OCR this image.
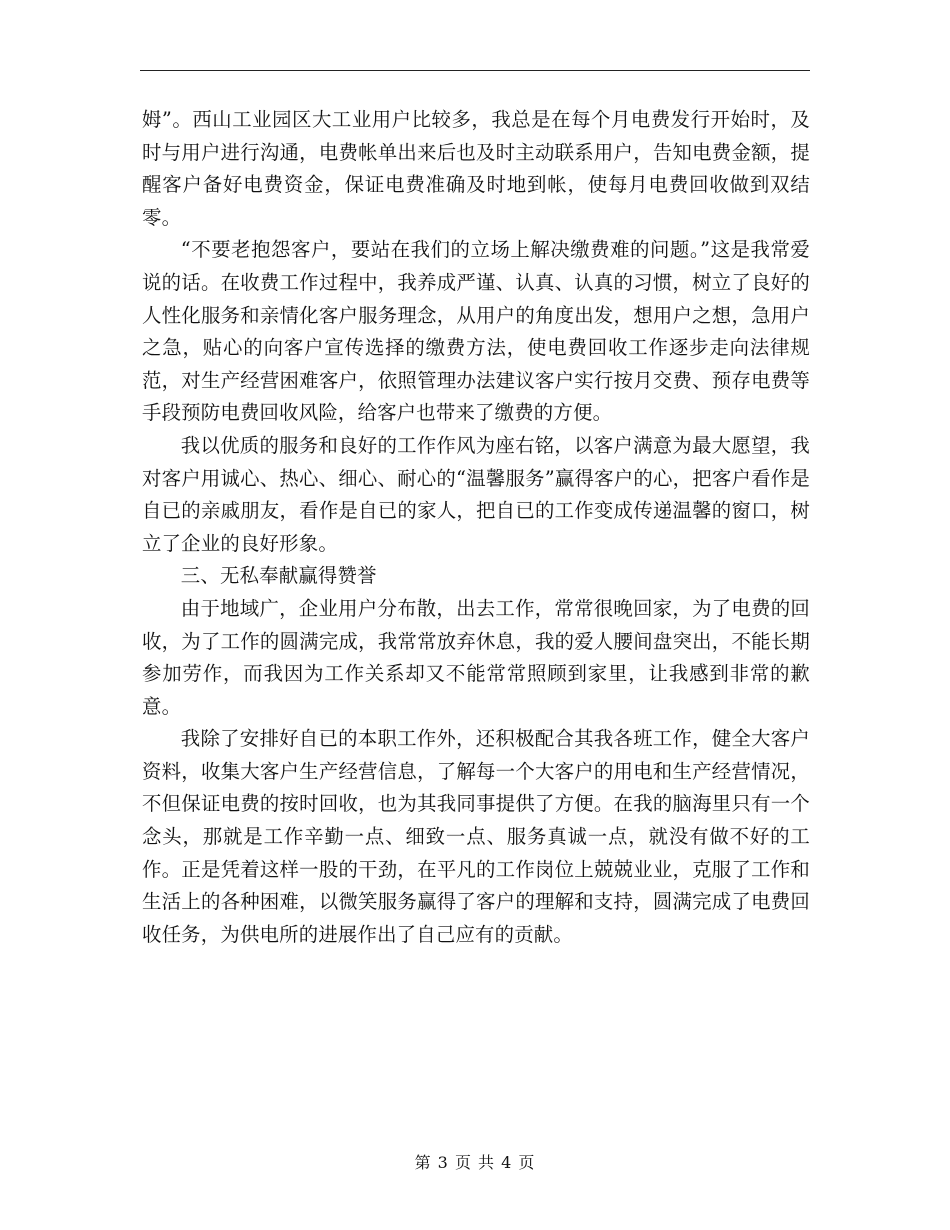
姆”。西山工业园区大工业用户比较多，我总是在每个月电费发行开始时，及时与用户进行沟通，电费帐单出来后也及时主动联系用户，告知电费金额，提醒客户备好电费资金，保证电费准确及时地到帐，使每月电费回收做到双结零。

“不要老抱怨客户，要站在我们的立场上解决缴费难的问题。”这是我常爱说的话。在收费工作过程中，我养成严谨、认真、认真的习惯，树立了良好的人性化服务和亲情化客户服务理念，从用户的角度出发，想用户之想，急用户之急，贴心的向客户宣传选择的缴费方法，使电费回收工作逐步走向法律规范，对生产经营困难客户，依照管理办法建议客户实行按月交费、预存电费等手段预防电费回收风险，给客户也带来了缴费的方便。

我以优质的服务和良好的工作作风为座右铭，以客户满意为最大愿望，我对客户用诚心、热心、细心、耐心的“温馨服务”赢得客户的心，把客户看作是自已的亲戚朋友，看作是自已的家人，把自已的工作变成传递温馨的窗口，树立了企业的良好形象。

三、无私奉献赢得赞誉

由于地域广，企业用户分布散，出去工作，常常很晚回家，为了电费的回收，为了工作的圆满完成，我常常放弃休息，我的爱人腰间盘突出，不能长期参加劳作，而我因为工作关系却又不能常常照顾到家里，让我感到非常的歉意。

我除了安排好自已的本职工作外，还积极配合其我各班工作，健全大客户资料，收集大客户生产经营信息，了解每一个大客户的用电和生产经营情况，不但保证电费的按时回收，也为其我同事提供了方便。在我的脑海里只有一个念头，那就是工作辛勤一点、细致一点、服务真诚一点，就没有做不好的工作。正是凭着这样一股的干劲，在平凡的工作岗位上兢兢业业，克服了工作和生活上的各种困难，以微笑服务赢得了客户的理解和支持，圆满完成了电费回收任务，为供电所的进展作出了自己应有的贡献。

第 3 页 共 4 页
